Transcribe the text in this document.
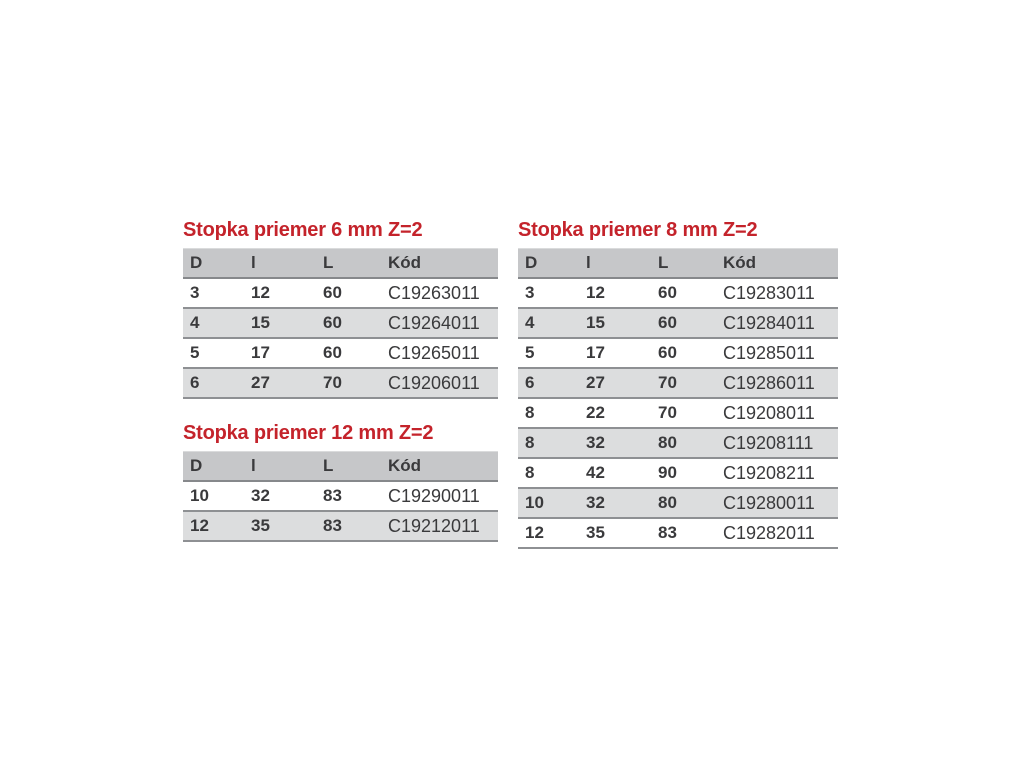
Stopka priemer 6 mm Z=2
D	l	L	Kód
3	12	60	C19263011
4	15	60	C19264011
5	17	60	C19265011
6	27	70	C19206011
Stopka priemer 12 mm Z=2
D	l	L	Kód
10	32	83	C19290011
12	35	83	C19212011
Stopka priemer 8 mm Z=2
D	l	L	Kód
3	12	60	C19283011
4	15	60	C19284011
5	17	60	C19285011
6	27	70	C19286011
8	22	70	C19208011
8	32	80	C19208111
8	42	90	C19208211
10	32	80	C19280011
12	35	83	C19282011
